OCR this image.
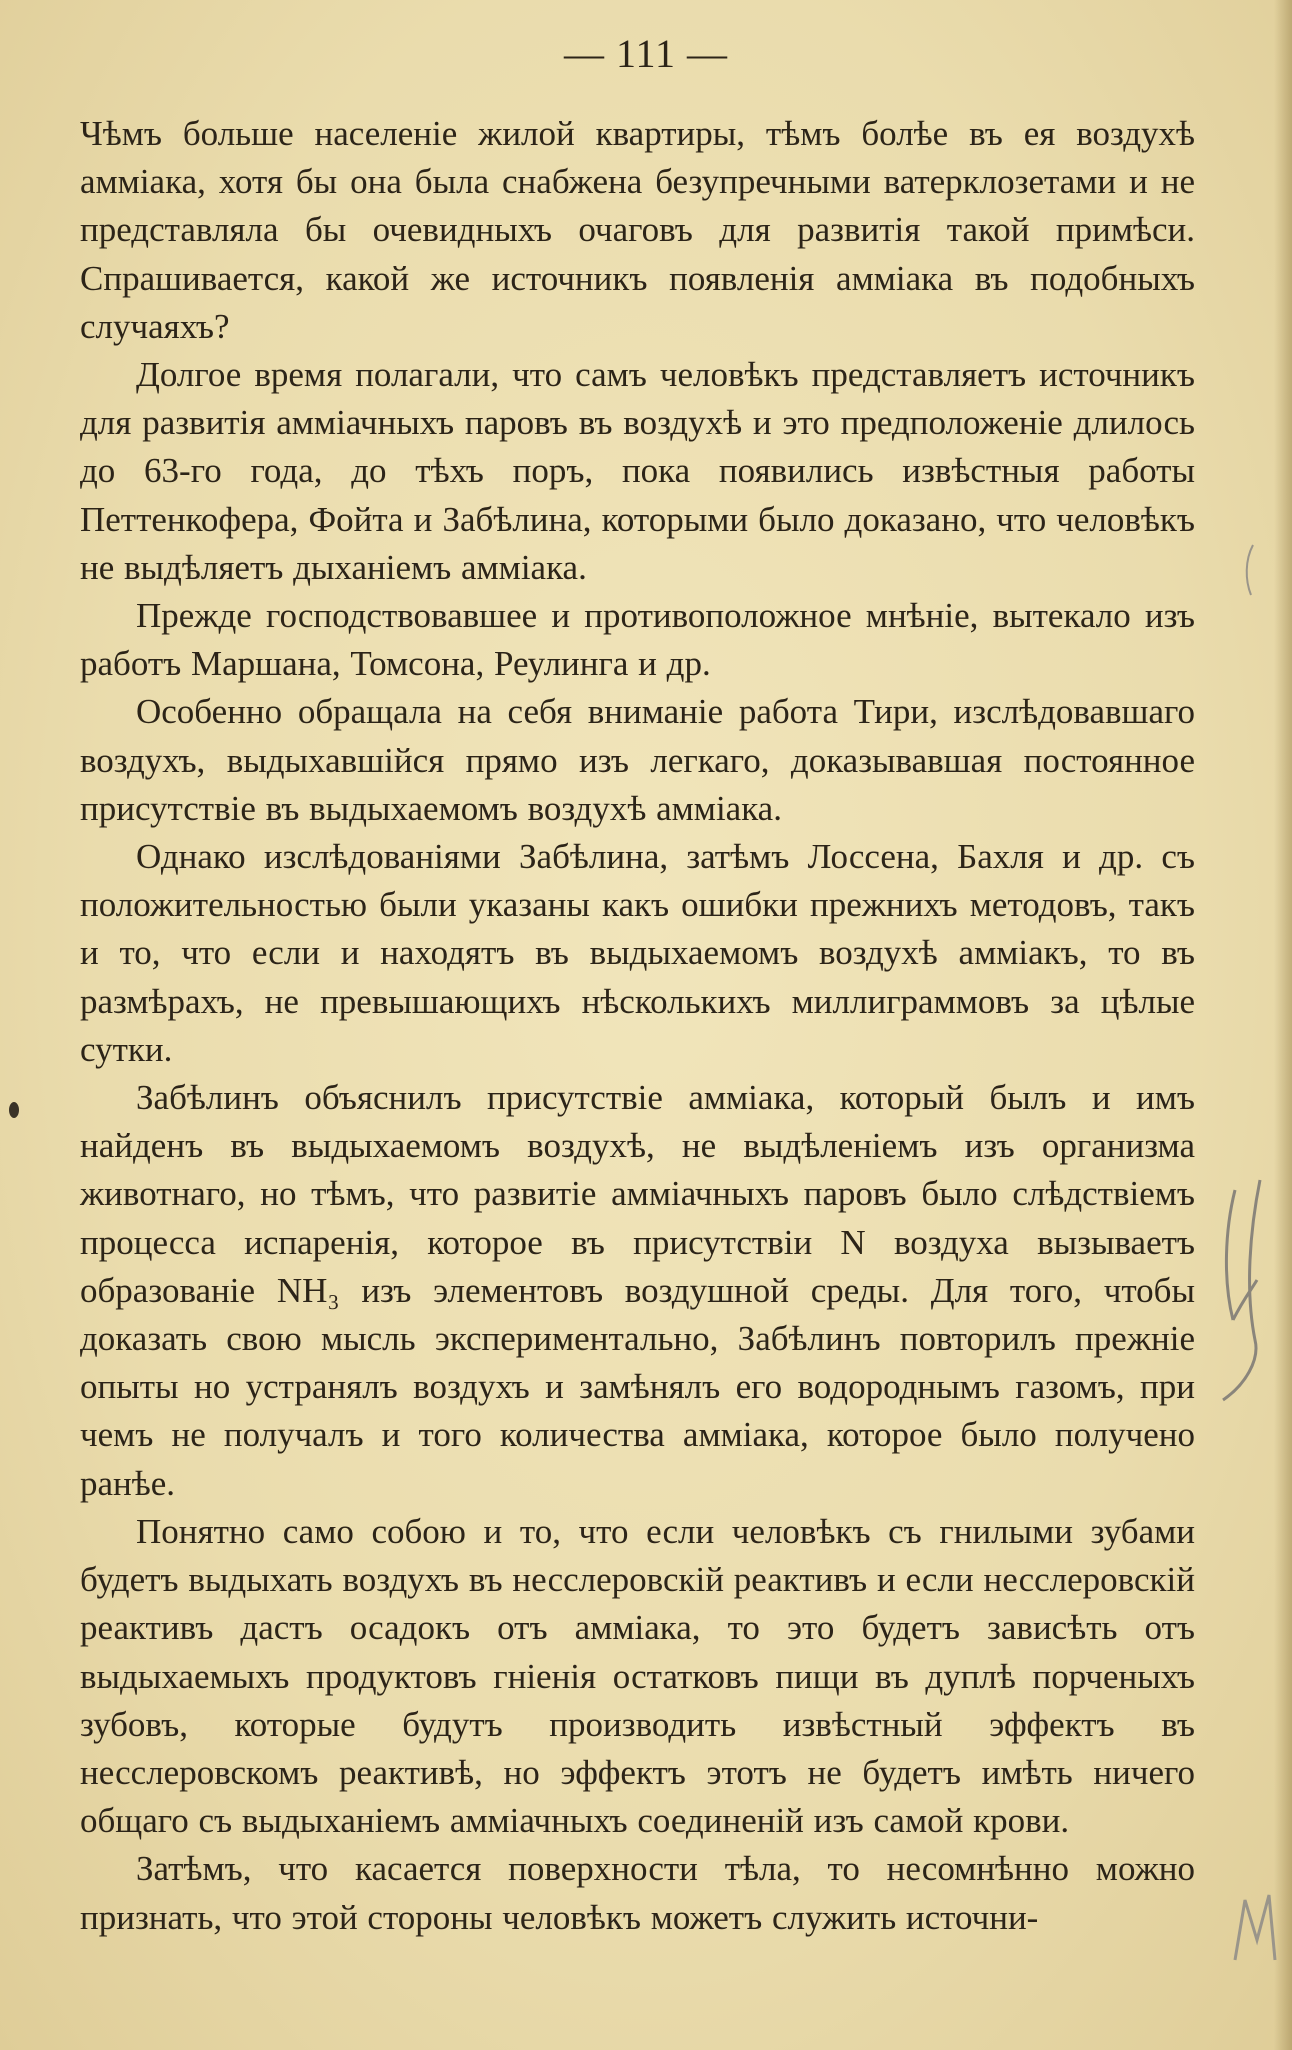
— 111 —

Чѣмъ больше населеніе жилой квартиры, тѣмъ болѣе въ ея воздухѣ амміака, хотя бы она была снабжена безупречными ватерклозетами и не представляла бы очевидныхъ очаговъ для развитія такой примѣси. Спрашивается, какой же источникъ появленія амміака въ подобныхъ случаяхъ?

Долгое время полагали, что самъ человѣкъ представляетъ источникъ для развитія амміачныхъ паровъ въ воздухѣ и это предположеніе длилось до 63-го года, до тѣхъ поръ, пока появились извѣстныя работы Петтенкофера, Фойта и Забѣлина, которыми было доказано, что человѣкъ не выдѣляетъ дыханіемъ амміака.

Прежде господствовавшее и противоположное мнѣніе, вытекало изъ работъ Маршана, Томсона, Реулинга и др.

Особенно обращала на себя вниманіе работа Тири, изслѣдовавшаго воздухъ, выдыхавшійся прямо изъ легкаго, доказывавшая постоянное присутствіе въ выдыхаемомъ воздухѣ амміака.

Однако изслѣдованіями Забѣлина, затѣмъ Лоссена, Бахля и др. съ положительностью были указаны какъ ошибки прежнихъ методовъ, такъ и то, что если и находятъ въ выдыхаемомъ воздухѣ амміакъ, то въ размѣрахъ, не превышающихъ нѣсколькихъ миллиграммовъ за цѣлые сутки.

Забѣлинъ объяснилъ присутствіе амміака, который былъ и имъ найденъ въ выдыхаемомъ воздухѣ, не выдѣленіемъ изъ организма животнаго, но тѣмъ, что развитіе амміачныхъ паровъ было слѣдствіемъ процесса испаренія, которое въ присутствіи N воздуха вызываетъ образованіе NH₃ изъ элементовъ воздушной среды. Для того, чтобы доказать свою мысль экспериментально, Забѣлинъ повторилъ прежніе опыты но устранялъ воздухъ и замѣнялъ его водороднымъ газомъ, при чемъ не получалъ и того количества амміака, которое было получено ранѣе.

Понятно само собою и то, что если человѣкъ съ гнилыми зубами будетъ выдыхать воздухъ въ несслеровскій реактивъ и если несслеровскій реактивъ дастъ осадокъ отъ амміака, то это будетъ зависѣть отъ выдыхаемыхъ продуктовъ гніенія остатковъ пищи въ дуплѣ порченыхъ зубовъ, которые будутъ производить извѣстный эффектъ въ несслеровскомъ реактивѣ, но эффектъ этотъ не будетъ имѣть ничего общаго съ выдыханіемъ амміачныхъ соединеній изъ самой крови.

Затѣмъ, что касается поверхности тѣла, то несомнѣнно можно признать, что этой стороны человѣкъ можетъ служить источни-
